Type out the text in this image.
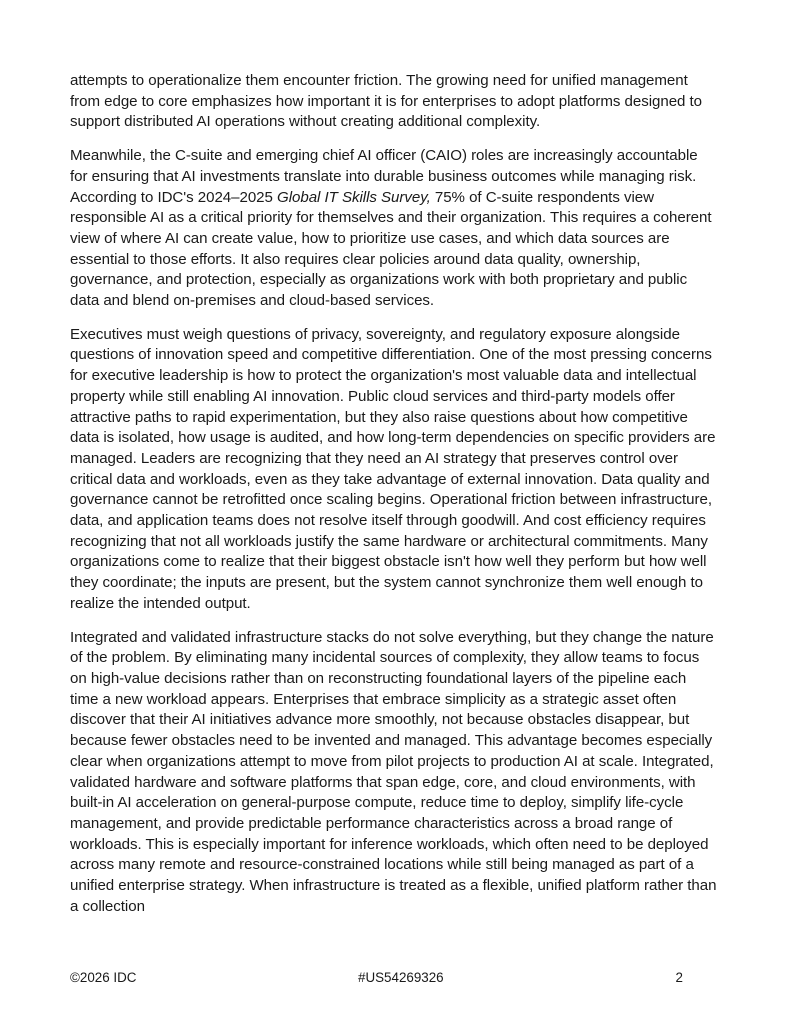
attempts to operationalize them encounter friction. The growing need for unified management from edge to core emphasizes how important it is for enterprises to adopt platforms designed to support distributed AI operations without creating additional complexity.

Meanwhile, the C-suite and emerging chief AI officer (CAIO) roles are increasingly accountable for ensuring that AI investments translate into durable business outcomes while managing risk. According to IDC's 2024–2025 Global IT Skills Survey, 75% of C-suite respondents view responsible AI as a critical priority for themselves and their organization. This requires a coherent view of where AI can create value, how to prioritize use cases, and which data sources are essential to those efforts. It also requires clear policies around data quality, ownership, governance, and protection, especially as organizations work with both proprietary and public data and blend on-premises and cloud-based services.

Executives must weigh questions of privacy, sovereignty, and regulatory exposure alongside questions of innovation speed and competitive differentiation. One of the most pressing concerns for executive leadership is how to protect the organization's most valuable data and intellectual property while still enabling AI innovation. Public cloud services and third-party models offer attractive paths to rapid experimentation, but they also raise questions about how competitive data is isolated, how usage is audited, and how long-term dependencies on specific providers are managed. Leaders are recognizing that they need an AI strategy that preserves control over critical data and workloads, even as they take advantage of external innovation. Data quality and governance cannot be retrofitted once scaling begins. Operational friction between infrastructure, data, and application teams does not resolve itself through goodwill. And cost efficiency requires recognizing that not all workloads justify the same hardware or architectural commitments. Many organizations come to realize that their biggest obstacle isn't how well they perform but how well they coordinate; the inputs are present, but the system cannot synchronize them well enough to realize the intended output.

Integrated and validated infrastructure stacks do not solve everything, but they change the nature of the problem. By eliminating many incidental sources of complexity, they allow teams to focus on high-value decisions rather than on reconstructing foundational layers of the pipeline each time a new workload appears. Enterprises that embrace simplicity as a strategic asset often discover that their AI initiatives advance more smoothly, not because obstacles disappear, but because fewer obstacles need to be invented and managed. This advantage becomes especially clear when organizations attempt to move from pilot projects to production AI at scale. Integrated, validated hardware and software platforms that span edge, core, and cloud environments, with built-in AI acceleration on general-purpose compute, reduce time to deploy, simplify life-cycle management, and provide predictable performance characteristics across a broad range of workloads. This is especially important for inference workloads, which often need to be deployed across many remote and resource-constrained locations while still being managed as part of a unified enterprise strategy. When infrastructure is treated as a flexible, unified platform rather than a collection

©2026 IDC	#US54269326	2
